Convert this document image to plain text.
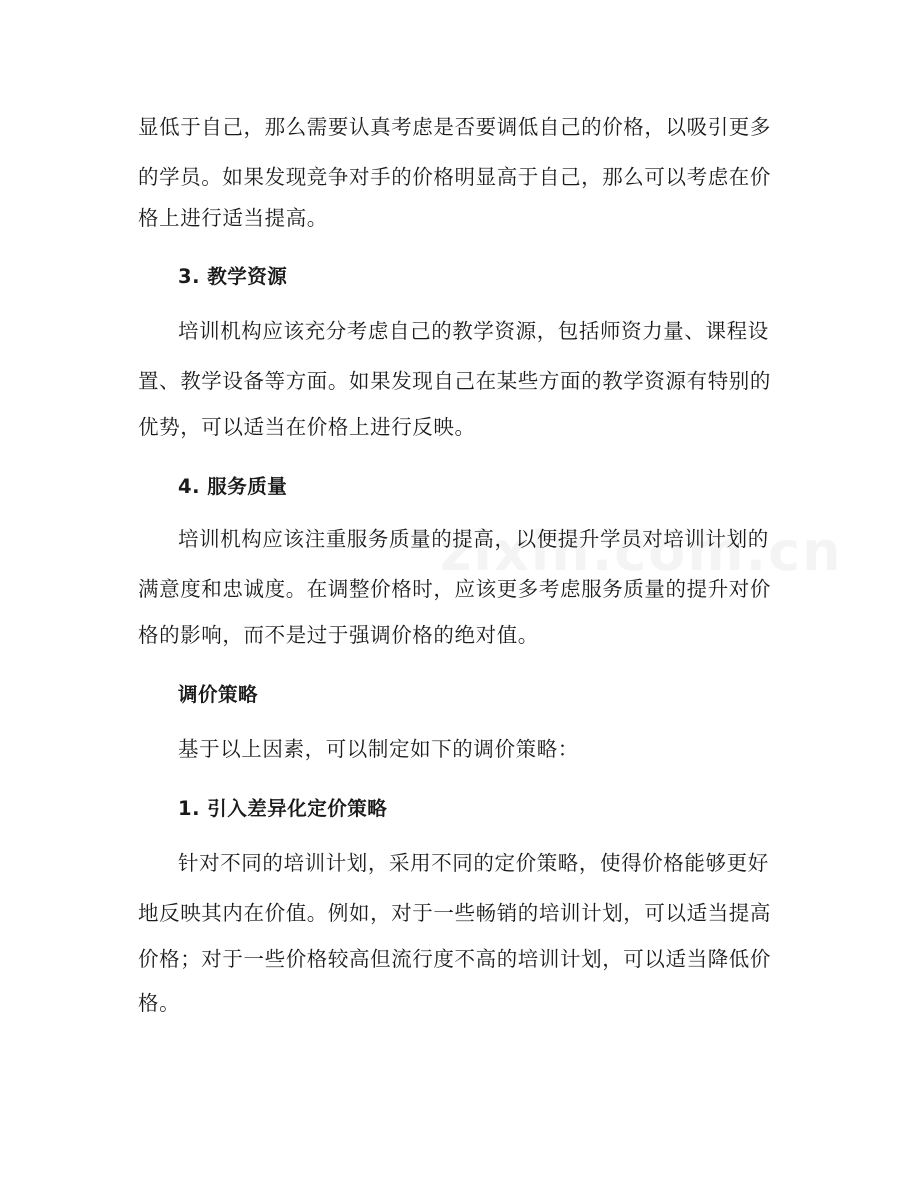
显低于自己，那么需要认真考虑是否要调低自己的价格，以吸引更多
的学员。如果发现竞争对手的价格明显高于自己，那么可以考虑在价
格上进行适当提高。
3. 教学资源
培训机构应该充分考虑自己的教学资源，包括师资力量、课程设
置、教学设备等方面。如果发现自己在某些方面的教学资源有特别的
优势，可以适当在价格上进行反映。
4. 服务质量
培训机构应该注重服务质量的提高，以便提升学员对培训计划的
满意度和忠诚度。在调整价格时，应该更多考虑服务质量的提升对价
格的影响，而不是过于强调价格的绝对值。
调价策略
基于以上因素，可以制定如下的调价策略：
1. 引入差异化定价策略
针对不同的培训计划，采用不同的定价策略，使得价格能够更好
地反映其内在价值。例如，对于一些畅销的培训计划，可以适当提高
价格；对于一些价格较高但流行度不高的培训计划，可以适当降低价
格。
